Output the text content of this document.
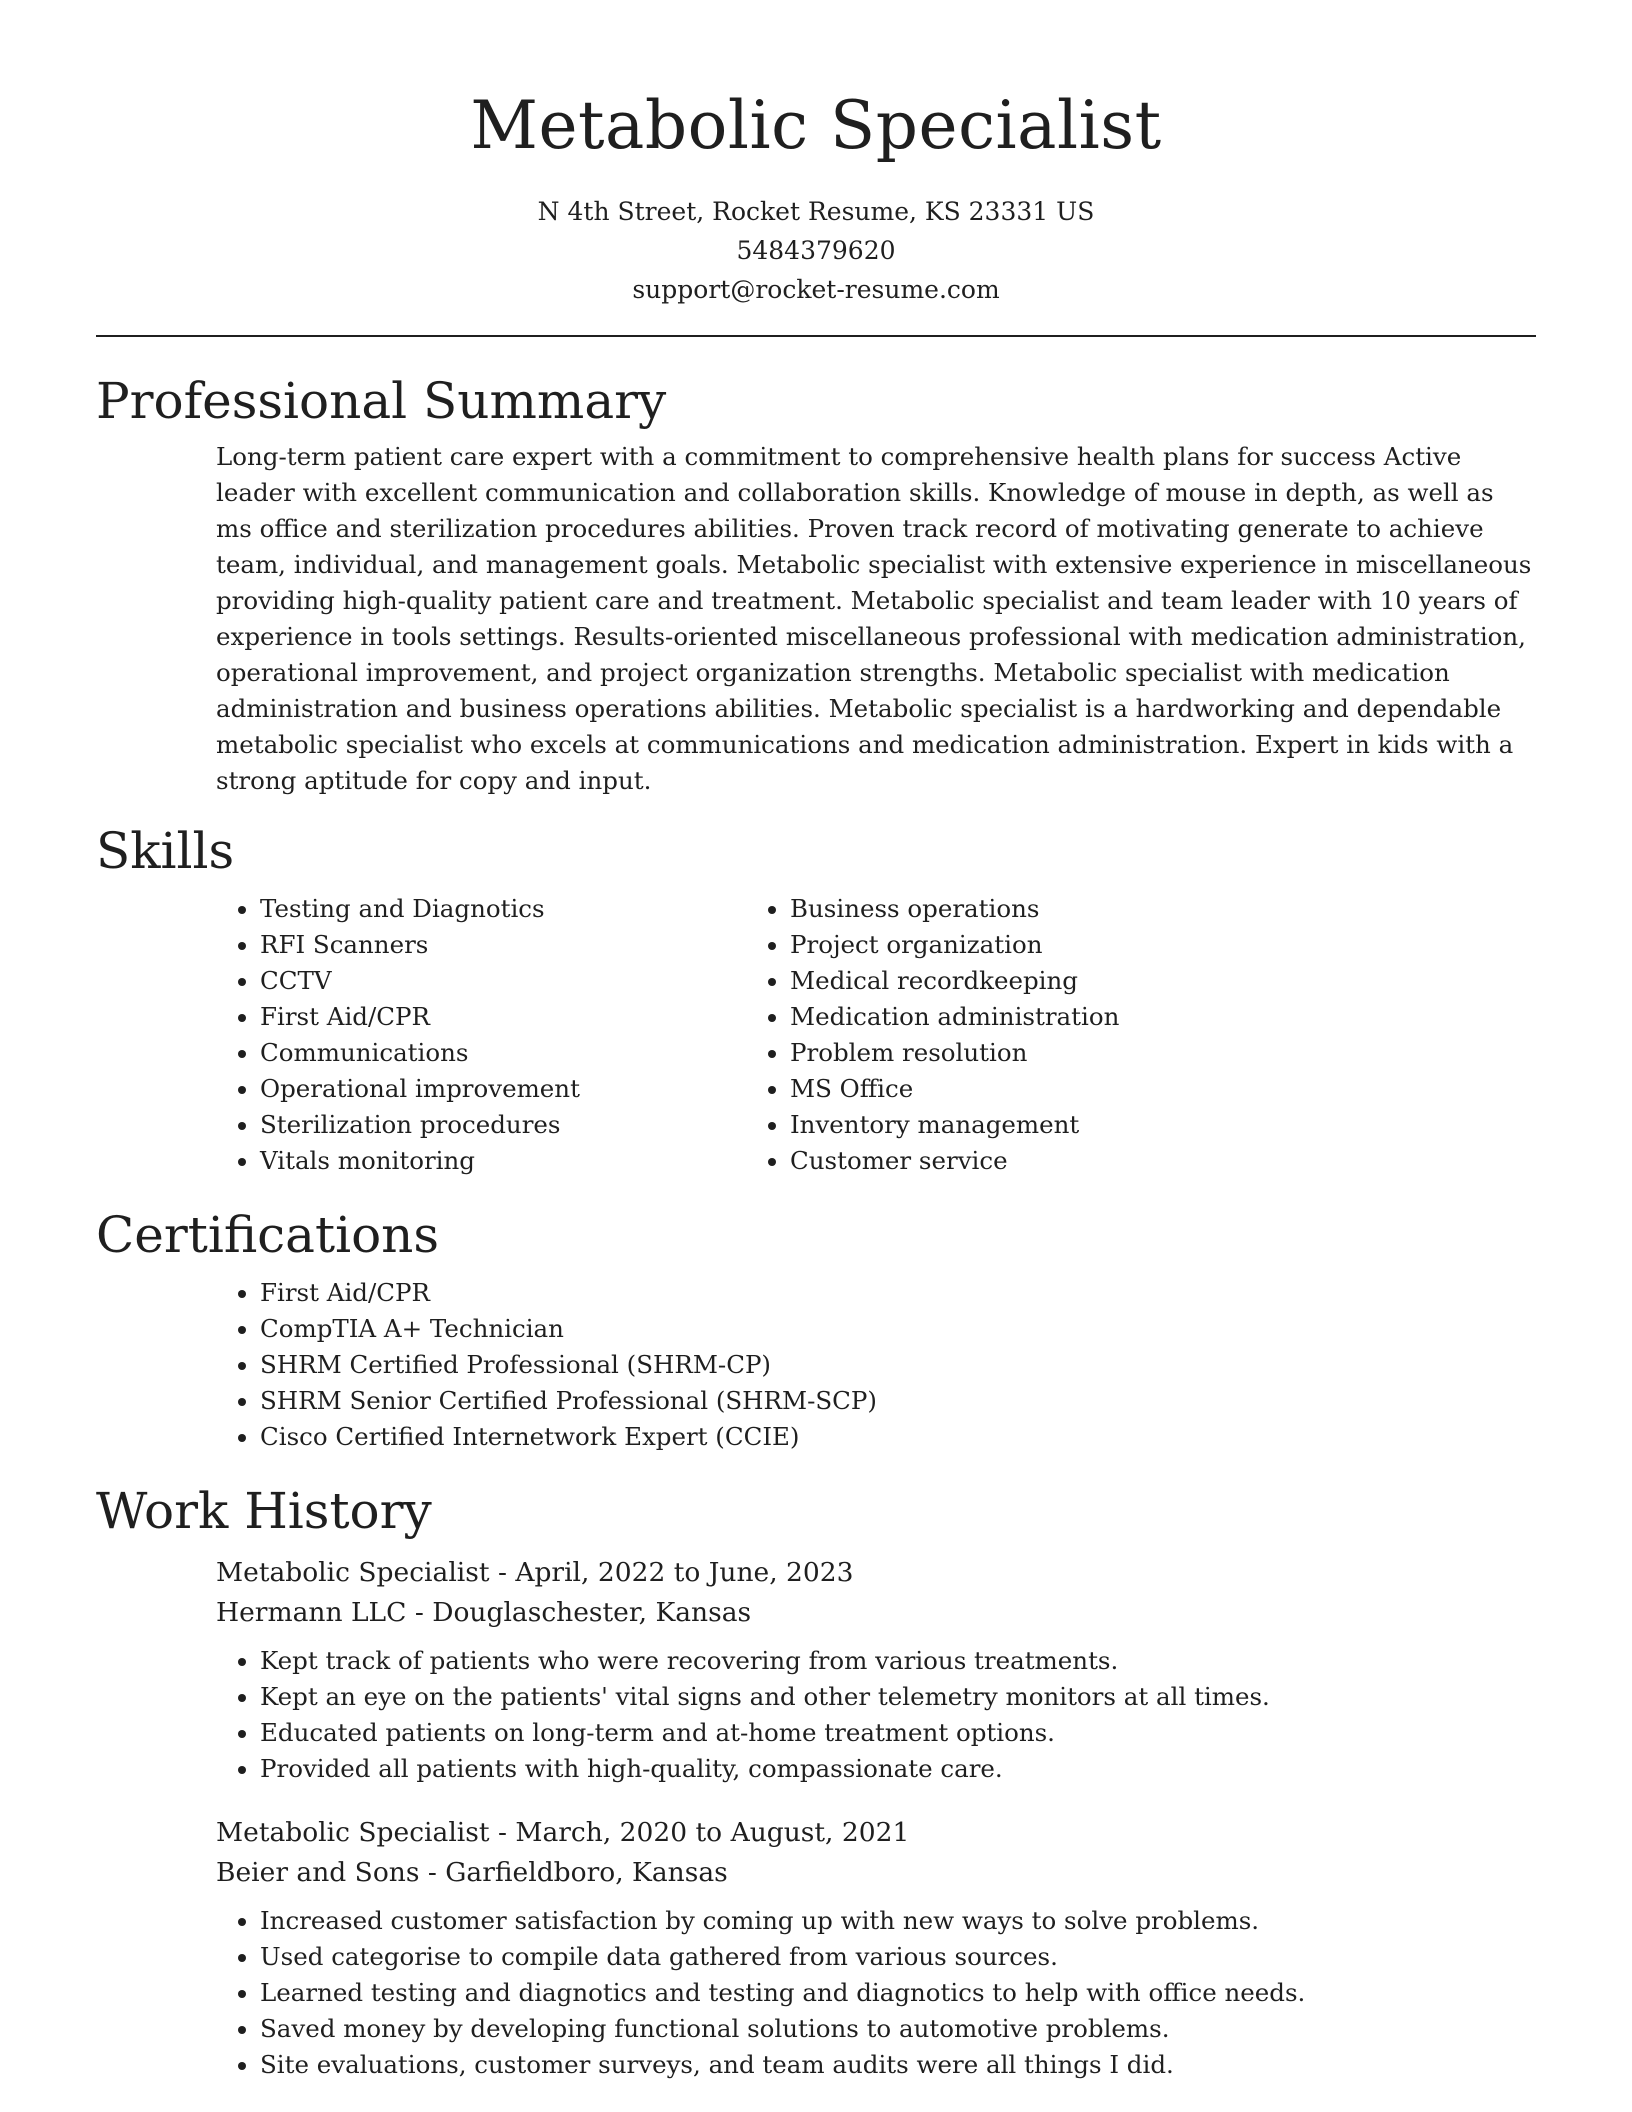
Metabolic Specialist
N 4th Street, Rocket Resume, KS 23331 US
5484379620
support@rocket-resume.com
Professional Summary

Long-term patient care expert with a commitment to comprehensive health plans for success Active leader with excellent communication and collaboration skills. Knowledge of mouse in depth, as well as ms office and sterilization procedures abilities. Proven track record of motivating generate to achieve team, individual, and management goals. Metabolic specialist with extensive experience in miscellaneous providing high-quality patient care and treatment. Metabolic specialist and team leader with 10 years of experience in tools settings. Results-oriented miscellaneous professional with medication administration, operational improvement, and project organization strengths. Metabolic specialist with medication administration and business operations abilities. Metabolic specialist is a hardworking and dependable metabolic specialist who excels at communications and medication administration. Expert in kids with a strong aptitude for copy and input.

Skills
• Testing and Diagnotics
• RFI Scanners
• CCTV
• First Aid/CPR
• Communications
• Operational improvement
• Sterilization procedures
• Vitals monitoring
• Business operations
• Project organization
• Medical recordkeeping
• Medication administration
• Problem resolution
• MS Office
• Inventory management
• Customer service
Certifications
• First Aid/CPR
• CompTIA A+ Technician
• SHRM Certified Professional (SHRM-CP)
• SHRM Senior Certified Professional (SHRM-SCP)
• Cisco Certified Internetwork Expert (CCIE)
Work History
Metabolic Specialist - April, 2022 to June, 2023
Hermann LLC - Douglaschester, Kansas
• Kept track of patients who were recovering from various treatments.
• Kept an eye on the patients' vital signs and other telemetry monitors at all times.
• Educated patients on long-term and at-home treatment options.
• Provided all patients with high-quality, compassionate care.
Metabolic Specialist - March, 2020 to August, 2021
Beier and Sons - Garfieldboro, Kansas
• Increased customer satisfaction by coming up with new ways to solve problems.
• Used categorise to compile data gathered from various sources.
• Learned testing and diagnotics and testing and diagnotics to help with office needs.
• Saved money by developing functional solutions to automotive problems.
• Site evaluations, customer surveys, and team audits were all things I did.
